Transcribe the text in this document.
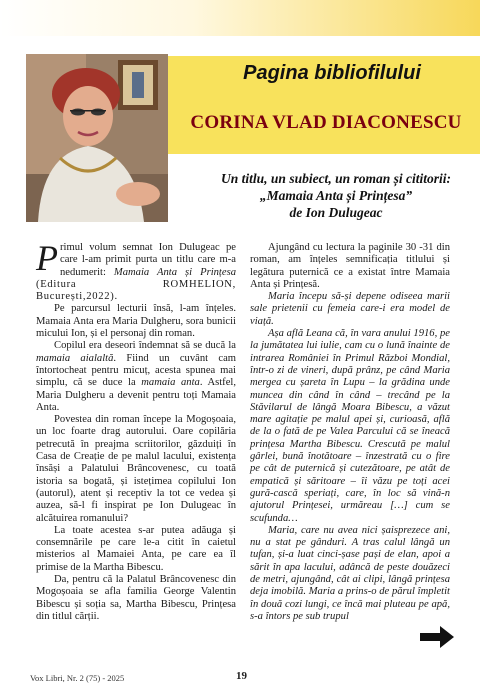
Pagina bibliofilului
CORINA VLAD DIACONESCU
Un titlu, un subiect, un roman și cititorii:
„Mamaia Anta și Prințesa”
de Ion Dulugeac

Primul volum semnat Ion Dulugeac pe care l-am primit purta un titlu care m-a nedumerit: Mamaia Anta și Prințesa (Editura ROMHELION, București,2022).

Pe parcursul lecturii însă, l-am înțeles. Mamaia Anta era Maria Dulgheru, sora bunicii micului Ion, și el personaj din roman.

Copilul era deseori îndemnat să se ducă la mamaia aialaltă. Fiind un cuvânt cam întortocheat pentru micuț, acesta spunea mai simplu, că se duce la mamaia anta. Astfel, Maria Dulgheru a devenit pentru toți Mamaia Anta.

Povestea din roman începe la Mogoșoaia, un loc foarte drag autorului. Oare copilăria petrecută în preajma scriitorilor, găzduiți în Casa de Creație de pe malul lacului, existența însăși a Palatului Brâncovenesc, cu toată istoria sa bogată, și istețimea copilului Ion (autorul), atent și receptiv la tot ce vedea și auzea, să-l fi inspirat pe Ion Dulugeac în alcătuirea romanului?

La toate acestea s-ar putea adăuga și consemnările pe care le-a citit în caietul misterios al Mamaiei Anta, pe care ea îl primise de la Martha Bibescu.

Da, pentru că la Palatul Brâncovenesc din Mogoșoaia se afla familia George Valentin Bibescu și soția sa, Martha Bibescu, Prințesa din titlul cărții.

Ajungând cu lectura la paginile 30 -31 din roman, am înțeles semnificația titlului și legătura puternică ce a existat între Mamaia Anta și Prințesă.

Maria începu să-și depene odiseea marii sale prietenii cu femeia care-i era model de viață.

Așa află Leana că, în vara anului 1916, pe la jumătatea lui iulie, cam cu o lună înainte de intrarea României în Primul Război Mondial, într-o zi de vineri, după prânz, pe când Maria mergea cu șareta în Lupu – la grădina unde muncea din când în când – trecând pe la Stăvilarul de lângă Moara Bibescu, a văzut mare agitație pe malul apei și, curioasă, află de la o fată de pe Valea Parcului că se îneacă prințesa Martha Bibescu. Crescută pe malul gârlei, bună înotătoare – înzestrată cu o fire pe cât de puternică și cutezătoare, pe atât de empatică și săritoare – îi văzu pe toți acei gură-cască speriați, care, în loc să vină-n ajutorul Prințesei, urmăreau […] cum se scufunda…

Maria, care nu avea nici șaisprezece ani, nu a stat pe gânduri. A tras calul lângă un tufan, și-a luat cinci-șase pași de elan, apoi a sărit în apa lacului, adâncă de peste douăzeci de metri, ajungând, cât ai clipi, lângă prințesa deja imobilă. Maria a prins-o de părul împletit în două cozi lungi, ce încă mai pluteau pe apă, s-a întors pe sub trupul

Vox Libri, Nr. 2 (75) - 2025	19
